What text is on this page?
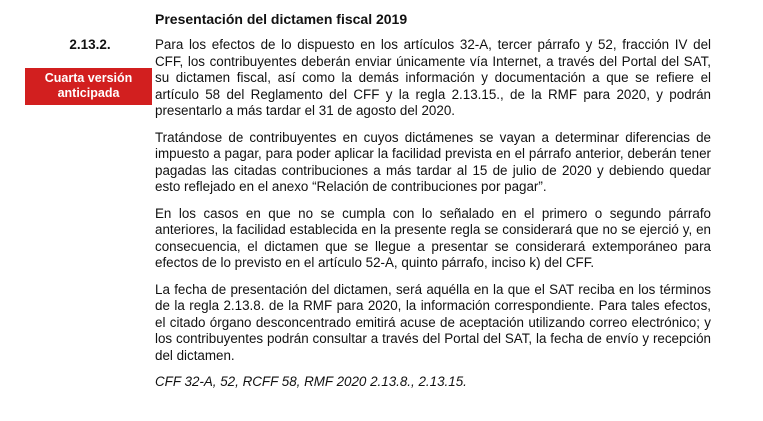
2.13.2.
Cuarta versión anticipada
Presentación del dictamen fiscal 2019

Para los efectos de lo dispuesto en los artículos 32-A, tercer párrafo y 52, fracción IV del CFF, los contribuyentes deberán enviar únicamente vía Internet, a través del Portal del SAT, su dictamen fiscal, así como la demás información y documentación a que se refiere el artículo 58 del Reglamento del CFF y la regla 2.13.15., de la RMF para 2020, y podrán presentarlo a más tardar el 31 de agosto del 2020.

Tratándose de contribuyentes en cuyos dictámenes se vayan a determinar diferencias de impuesto a pagar, para poder aplicar la facilidad prevista en el párrafo anterior, deberán tener pagadas las citadas contribuciones a más tardar al 15 de julio de 2020 y debiendo quedar esto reflejado en el anexo “Relación de contribuciones por pagar”.

En los casos en que no se cumpla con lo señalado en el primero o segundo párrafo anteriores, la facilidad establecida en la presente regla se considerará que no se ejerció y, en consecuencia, el dictamen que se llegue a presentar se considerará extemporáneo para efectos de lo previsto en el artículo 52-A, quinto párrafo, inciso k) del CFF.

La fecha de presentación del dictamen, será aquélla en la que el SAT reciba en los términos de la regla 2.13.8. de la RMF para 2020, la información correspondiente. Para tales efectos, el citado órgano desconcentrado emitirá acuse de aceptación utilizando correo electrónico; y los contribuyentes podrán consultar a través del Portal del SAT, la fecha de envío y recepción del dictamen.

CFF 32-A, 52, RCFF 58, RMF 2020 2.13.8., 2.13.15.
